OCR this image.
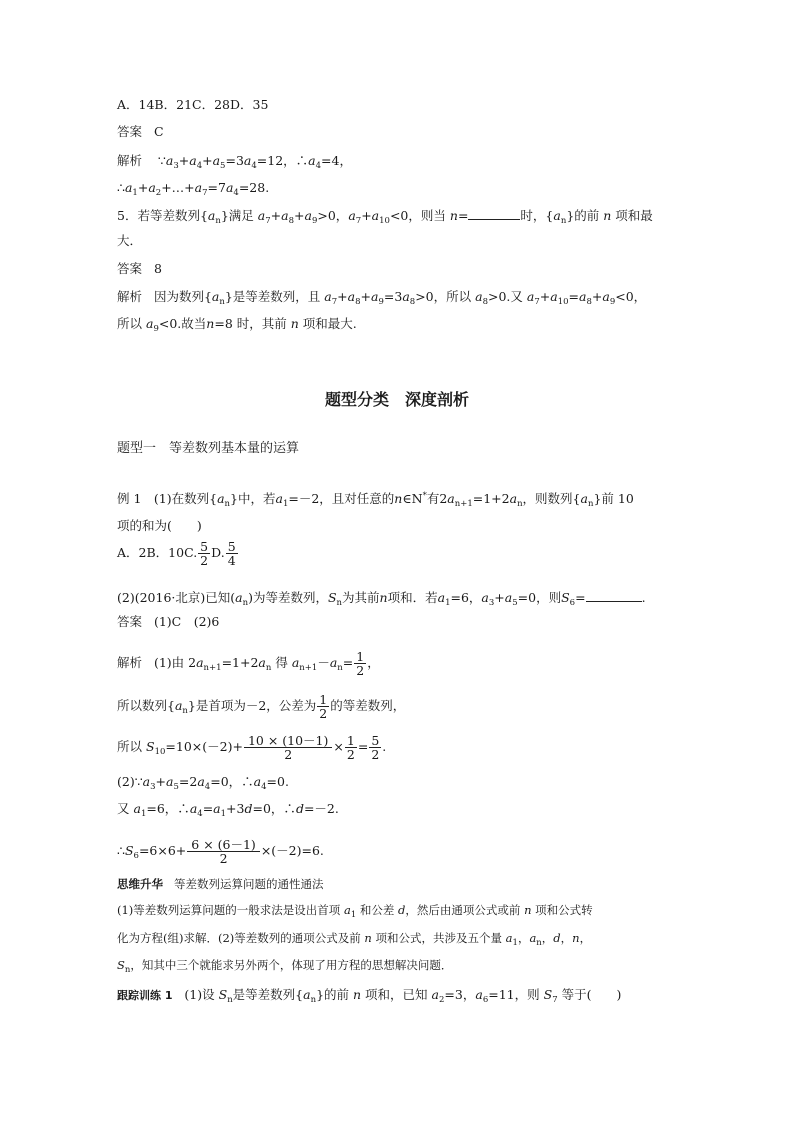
A．14B．21C．28D．35
答案 C
解析 $\because a_3+a_4+a_5=3a_4=12$，$\therefore a_4=4$，
$\therefore a_1+a_2+\dots+a_7=7a_4=28$.
5．若等差数列$\{a_n\}$满足 $a_7+a_8+a_9>0$，$a_7+a_{10}<0$，则当 n=	时，$\{a_n\}$的前 n 项和最
大．
答案 8
解析 因为数列$\{a_n\}$是等差数列，且 $a_7+a_8+a_9=3a_8>0$，所以 $a_8>0$.又 $a_7+a_{10}=a_8+a_9<0$，
所以 $a_9<0$.故当n=8 时，其前 n 项和最大.
题型分类　深度剖析
题型一　等差数列基本量的运算
例 1　(1)在数列$\{a_n\}$中，若$a_1=-2$，且对任意的n∈N*有$2a_{n+1}=1+2a_n$，则数列$\{a_n\}$前 10
项的和为(　　)
A．2B．10C. $\frac{5}{2} D$. $\frac{5}{4}$
(2)(2016·北京)已知$(a_n)$为等差数列，$S_n$为其前n项和．若$a_1=6$，$a_3+a_5=0$，则$S_6=$	.
答案 (1)C　(2)6
解析 (1)由 $2a_{n+1}=1+2a_n$ 得 $a_{n+1}-a_n= \frac{1}{2}$ ，
所以数列$\{a_n\}$是首项为－2，公差为 $\frac{1}{2}$ 的等差数列，
所以 $S_{10}=10\times(-2)+ \frac{10 \times (10-1)}{2} \times \frac{1}{2} = \frac{5}{2}$ .
$(2)\because a_3+a_5=2a_4=0$，$\therefore a_4=0$.
又 $a_1=6$，$\therefore a_4=a_1+3d=0$，∴d=－2.
$\therefore S_6=6\times 6+ \frac{6 \times (6-1)}{2} \times(-2)=6$.
思维升华 等差数列运算问题的通性通法
(1)等差数列运算问题的一般求法是设出首项 $a_1$ 和公差 d，然后由通项公式或前 n 项和公式转
化为方程(组)求解．(2)等差数列的通项公式及前 n 项和公式，共涉及五个量 $a_1$，$a_n$，d，n，
$S_n$，知其中三个就能求另外两个，体现了用方程的思想解决问题．
跟踪训练 1 (1)设 $S_n$是等差数列$\{a_n\}$的前 n 项和，已知 $a_2=3$，$a_6=11$，则 $S_7$ 等于(　　)
